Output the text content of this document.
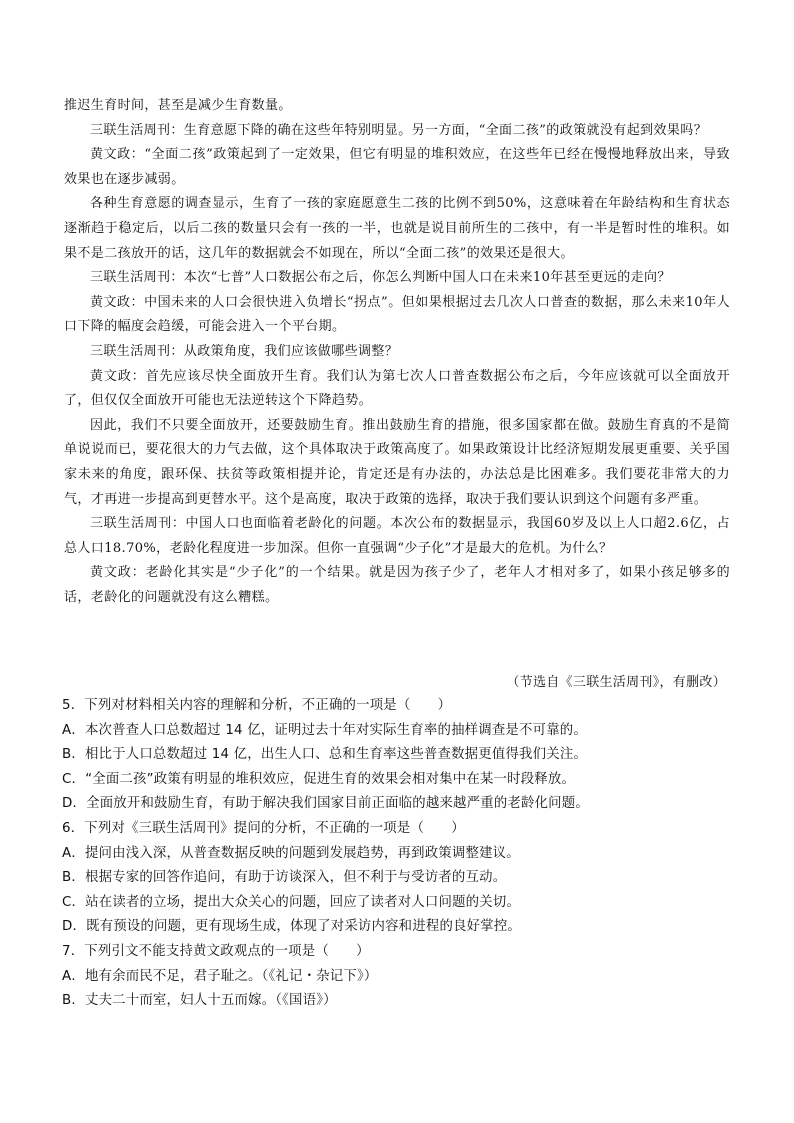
推迟生育时间，甚至是减少生育数量。

三联生活周刊：生育意愿下降的确在这些年特别明显。另一方面，“全面二孩”的政策就没有起到效果吗？

黄文政：“全面二孩”政策起到了一定效果，但它有明显的堆积效应，在这些年已经在慢慢地释放出来，导致效果也在逐步减弱。

各种生育意愿的调查显示，生育了一孩的家庭愿意生二孩的比例不到50%，这意味着在年龄结构和生育状态逐渐趋于稳定后，以后二孩的数量只会有一孩的一半，也就是说目前所生的二孩中，有一半是暂时性的堆积。如果不是二孩放开的话，这几年的数据就会不如现在，所以“全面二孩”的效果还是很大。

三联生活周刊：本次“七普”人口数据公布之后，你怎么判断中国人口在未来10年甚至更远的走向？

黄文政：中国未来的人口会很快进入负增长“拐点”。但如果根据过去几次人口普查的数据，那么未来10年人口下降的幅度会趋缓，可能会进入一个平台期。

三联生活周刊：从政策角度，我们应该做哪些调整？

黄文政：首先应该尽快全面放开生育。我们认为第七次人口普查数据公布之后，今年应该就可以全面放开了，但仅仅全面放开可能也无法逆转这个下降趋势。

因此，我们不只要全面放开，还要鼓励生育。推出鼓励生育的措施，很多国家都在做。鼓励生育真的不是简单说说而已，要花很大的力气去做，这个具体取决于政策高度了。如果政策设计比经济短期发展更重要、关乎国家未来的角度，跟环保、扶贫等政策相提并论，肯定还是有办法的，办法总是比困难多。我们要花非常大的力气，才再进一步提高到更替水平。这个是高度，取决于政策的选择，取决于我们要认识到这个问题有多严重。

三联生活周刊：中国人口也面临着老龄化的问题。本次公布的数据显示，我国60岁及以上人口超2.6亿，占总人口18.70%，老龄化程度进一步加深。但你一直强调“少子化”才是最大的危机。为什么？

黄文政：老龄化其实是“少子化”的一个结果。就是因为孩子少了，老年人才相对多了，如果小孩足够多的话，老龄化的问题就没有这么糟糕。

（节选自《三联生活周刊》，有删改）

5．下列对材料相关内容的理解和分析，不正确的一项是（　　）

A．本次普查人口总数超过 14 亿，证明过去十年对实际生育率的抽样调查是不可靠的。

B．相比于人口总数超过 14 亿，出生人口、总和生育率这些普查数据更值得我们关注。

C．“全面二孩”政策有明显的堆积效应，促进生育的效果会相对集中在某一时段释放。

D．全面放开和鼓励生育，有助于解决我们国家目前正面临的越来越严重的老龄化问题。

6．下列对《三联生活周刊》提问的分析，不正确的一项是（　　）

A．提问由浅入深，从普查数据反映的问题到发展趋势，再到政策调整建议。

B．根据专家的回答作追问，有助于访谈深入，但不利于与受访者的互动。

C．站在读者的立场，提出大众关心的问题，回应了读者对人口问题的关切。

D．既有预设的问题，更有现场生成，体现了对采访内容和进程的良好掌控。

7．下列引文不能支持黄文政观点的一项是（　　）

A．地有余而民不足，君子耻之。（《礼记・杂记下》）

B．丈夫二十而室，妇人十五而嫁。（《国语》）
